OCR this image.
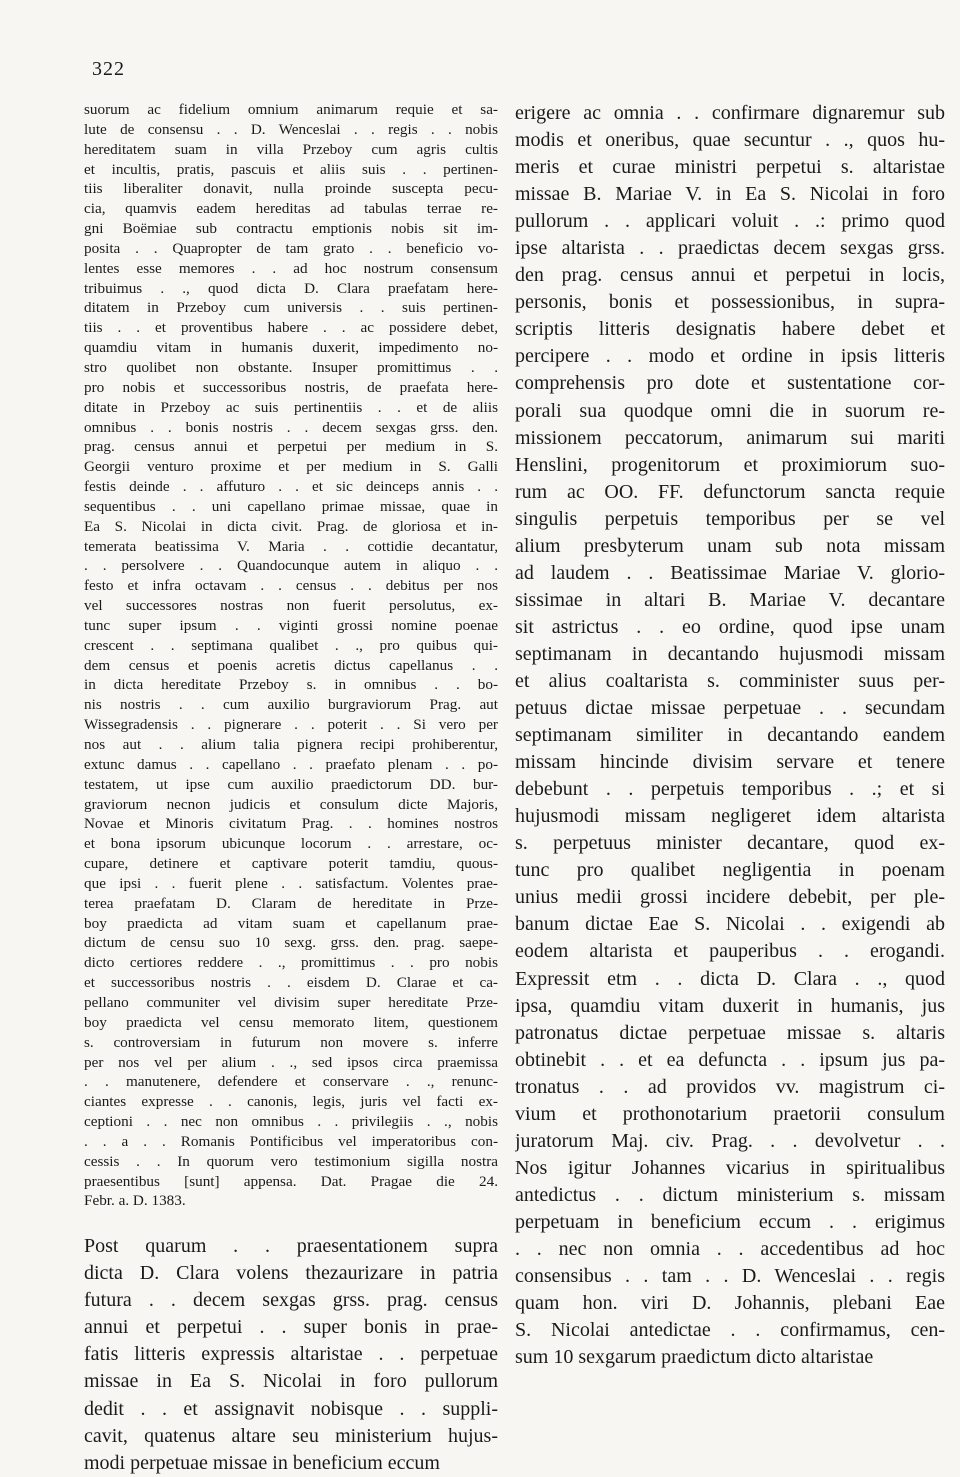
322
suorum ac fidelium omnium animarum requie et sa-
lute de consensu . . D. Wenceslai . . regis . . nobis
hereditatem suam in villa Przeboy cum agris cultis
et incultis, pratis, pascuis et aliis suis . . pertinen-
tiis liberaliter donavit, nulla proinde suscepta pecu-
cia, quamvis eadem hereditas ad tabulas terrae re-
gni Boëmiae sub contractu emptionis nobis sit im-
posita . . Quapropter de tam grato . . beneficio vo-
lentes esse memores . . ad hoc nostrum consensum
tribuimus . ., quod dicta D. Clara praefatam here-
ditatem in Przeboy cum universis . . suis pertinen-
tiis . . et proventibus habere . . ac possidere debet,
quamdiu vitam in humanis duxerit, impedimento no-
stro quolibet non obstante. Insuper promittimus . .
pro nobis et successoribus nostris, de praefata here-
ditate in Przeboy ac suis pertinentiis . . et de aliis
omnibus . . bonis nostris . . decem sexgas grss. den.
prag. census annui et perpetui per medium in S.
Georgii venturo proxime et per medium in S. Galli
festis deinde . . affuturo . . et sic deinceps annis . .
sequentibus . . uni capellano primae missae, quae in
Ea S. Nicolai in dicta civit. Prag. de gloriosa et in-
temerata beatissima V. Maria . . cottidie decantatur,
. . persolvere . . Quandocunque autem in aliquo . .
festo et infra octavam . . census . . debitus per nos
vel successores nostras non fuerit persolutus, ex-
tunc super ipsum . . viginti grossi nomine poenae
crescent . . septimana qualibet . ., pro quibus qui-
dem census et poenis acretis dictus capellanus . .
in dicta hereditate Przeboy s. in omnibus . . bo-
nis nostris . . cum auxilio burgraviorum Prag. aut
Wissegradensis . . pignerare . . poterit . . Si vero per
nos aut . . alium talia pignera recipi prohiberentur,
extunc damus . . capellano . . praefato plenam . . po-
testatem, ut ipse cum auxilio praedictorum DD. bur-
graviorum necnon judicis et consulum dicte Majoris,
Novae et Minoris civitatum Prag. . . homines nostros
et bona ipsorum ubicunque locorum . . arrestare, oc-
cupare, detinere et captivare poterit tamdiu, quous-
que ipsi . . fuerit plene . . satisfactum. Volentes prae-
terea praefatam D. Claram de hereditate in Prze-
boy praedicta ad vitam suam et capellanum prae-
dictum de censu suo 10 sexg. grss. den. prag. saepe-
dicto certiores reddere . ., promittimus . . pro nobis
et successoribus nostris . . eisdem D. Clarae et ca-
pellano communiter vel divisim super hereditate Prze-
boy praedicta vel censu memorato litem, questionem
s. controversiam in futurum non movere s. inferre
per nos vel per alium . ., sed ipsos circa praemissa
. . manutenere, defendere et conservare . ., renunc-
ciantes expresse . . canonis, legis, juris vel facti ex-
ceptioni . . nec non omnibus . . privilegiis . ., nobis
. . a . . Romanis Pontificibus vel imperatoribus con-
cessis . . In quorum vero testimonium sigilla nostra
praesentibus [sunt] appensa. Dat. Pragae die 24.
Febr. a. D. 1383.
Post quarum . . praesentationem supra
dicta D. Clara volens thezaurizare in patria
futura . . decem sexgas grss. prag. census
annui et perpetui . . super bonis in prae-
fatis litteris expressis altaristae . . perpetuae
missae in Ea S. Nicolai in foro pullorum
dedit . . et assignavit nobisque . . suppli-
cavit, quatenus altare seu ministerium hujus-
modi perpetuae missae in beneficium eccum
erigere ac omnia . . confirmare dignaremur sub
modis et oneribus, quae secuntur . ., quos hu-
meris et curae ministri perpetui s. altaristae
missae B. Mariae V. in Ea S. Nicolai in foro
pullorum . . applicari voluit . .: primo quod
ipse altarista . . praedictas decem sexgas grss.
den prag. census annui et perpetui in locis,
personis, bonis et possessionibus, in supra-
scriptis litteris designatis habere debet et
percipere . . modo et ordine in ipsis litteris
comprehensis pro dote et sustentatione cor-
porali sua quodque omni die in suorum re-
missionem peccatorum, animarum sui mariti
Henslini, progenitorum et proximiorum suo-
rum ac OO. FF. defunctorum sancta requie
singulis perpetuis temporibus per se vel
alium presbyterum unam sub nota missam
ad laudem . . Beatissimae Mariae V. glorio-
sissimae in altari B. Mariae V. decantare
sit astrictus . . eo ordine, quod ipse unam
septimanam in decantando hujusmodi missam
et alius coaltarista s. comminister suus per-
petuus dictae missae perpetuae . . secundam
septimanam similiter in decantando eandem
missam hincinde divisim servare et tenere
debebunt . . perpetuis temporibus . .; et si
hujusmodi missam negligeret idem altarista
s. perpetuus minister decantare, quod ex-
tunc pro qualibet negligentia in poenam
unius medii grossi incidere debebit, per ple-
banum dictae Eae S. Nicolai . . exigendi ab
eodem altarista et pauperibus . . erogandi.
Expressit etm . . dicta D. Clara . ., quod
ipsa, quamdiu vitam duxerit in humanis, jus
patronatus dictae perpetuae missae s. altaris
obtinebit . . et ea defuncta . . ipsum jus pa-
tronatus . . ad providos vv. magistrum ci-
vium et prothonotarium praetorii consulum
juratorum Maj. civ. Prag. . . devolvetur . .
Nos igitur Johannes vicarius in spiritualibus
antedictus . . dictum ministerium s. missam
perpetuam in beneficium eccum . . erigimus
. . nec non omnia . . accedentibus ad hoc
consensibus . . tam . . D. Wenceslai . . regis
quam hon. viri D. Johannis, plebani Eae
S. Nicolai antedictae . . confirmamus, cen-
sum 10 sexgarum praedictum dicto altaristae
